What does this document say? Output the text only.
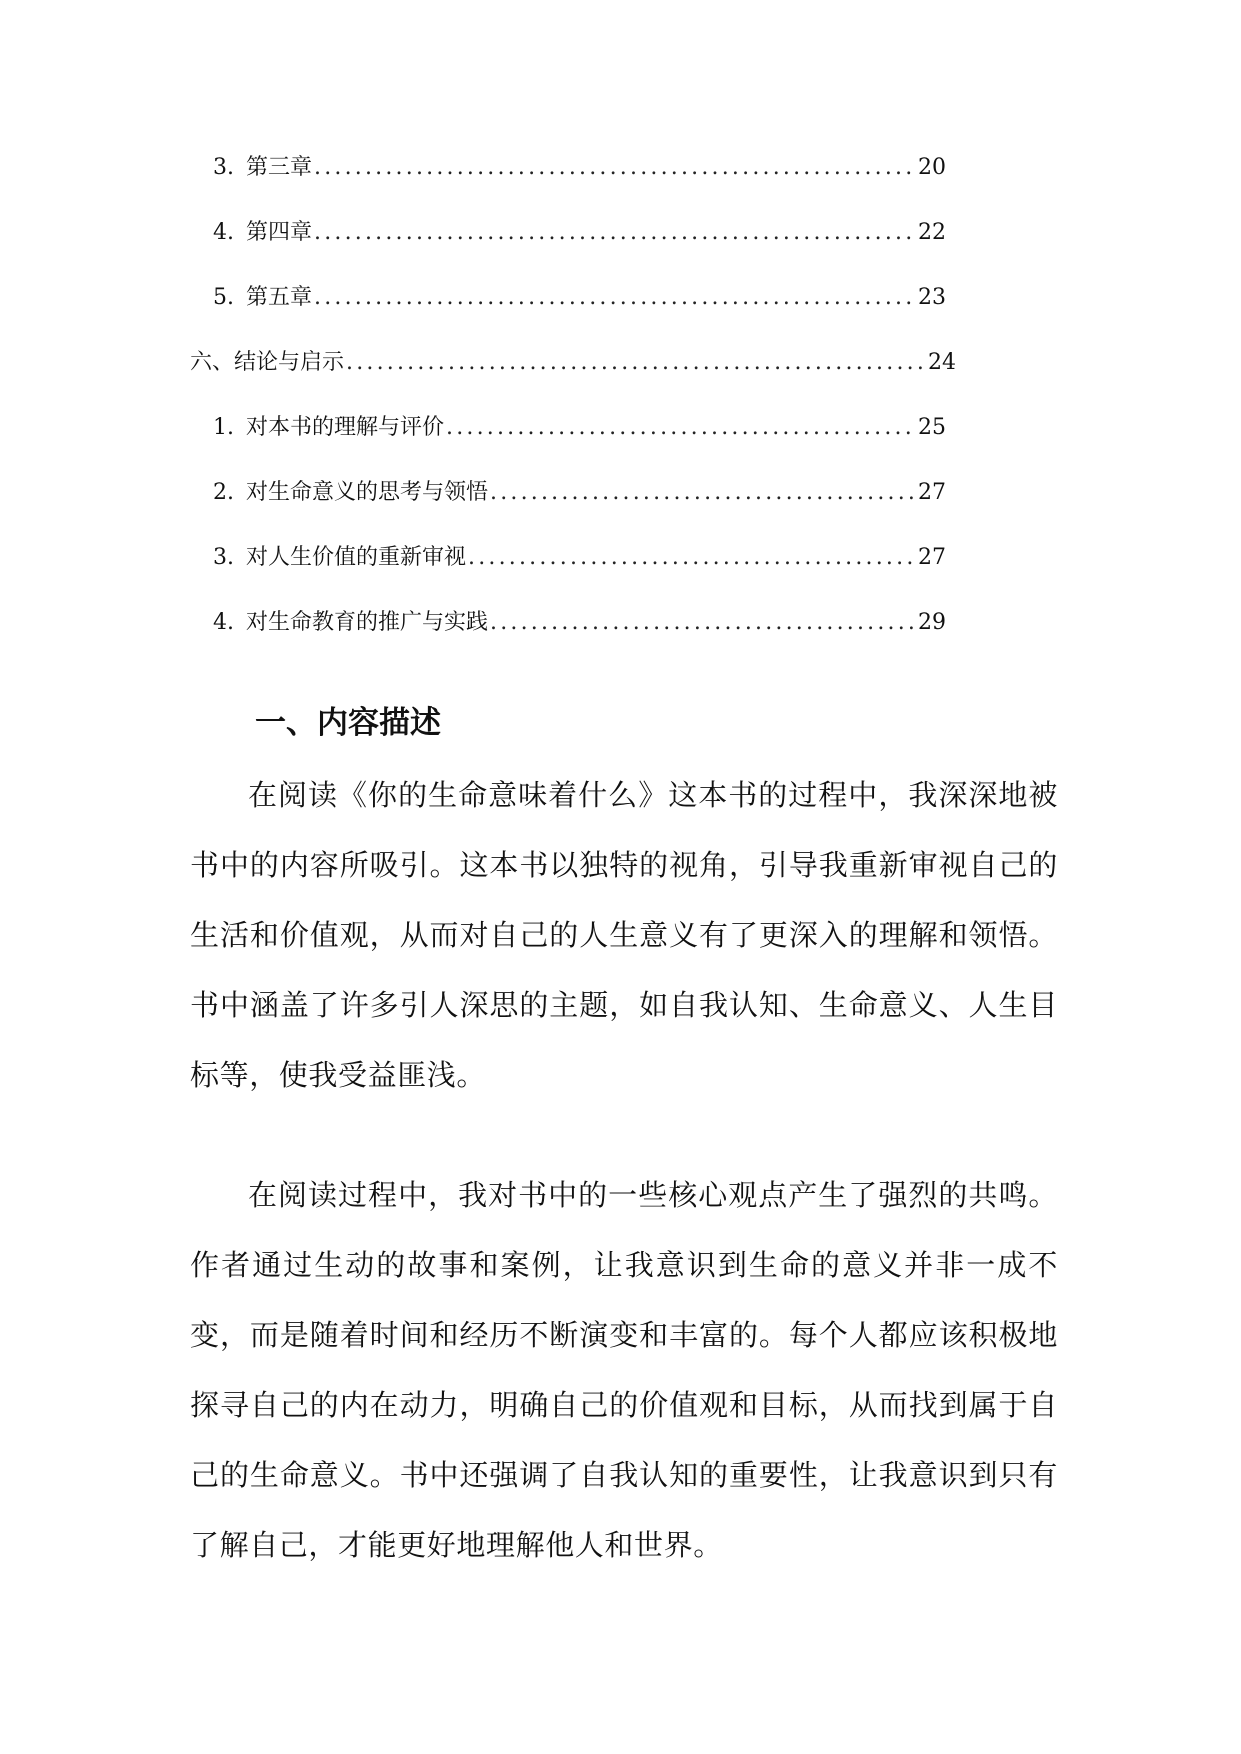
3. 第三章 .....	20
4. 第四章 .....	22
5. 第五章 .....	23
六、结论与启示 .....	24
1. 对本书的理解与评价 .....	25
2. 对生命意义的思考与领悟 .....	27
3. 对人生价值的重新审视 .....	27
4. 对生命教育的推广与实践 .....	29
一、内容描述

在阅读《你的生命意味着什么》这本书的过程中，我深深地被书中的内容所吸引。这本书以独特的视角，引导我重新审视自己的生活和价值观，从而对自己的人生意义有了更深入的理解和领悟。书中涵盖了许多引人深思的主题，如自我认知、生命意义、人生目标等，使我受益匪浅。

在阅读过程中，我对书中的一些核心观点产生了强烈的共鸣。作者通过生动的故事和案例，让我意识到生命的意义并非一成不变，而是随着时间和经历不断演变和丰富的。每个人都应该积极地探寻自己的内在动力，明确自己的价值观和目标，从而找到属于自己的生命意义。书中还强调了自我认知的重要性，让我意识到只有了解自己，才能更好地理解他人和世界。
